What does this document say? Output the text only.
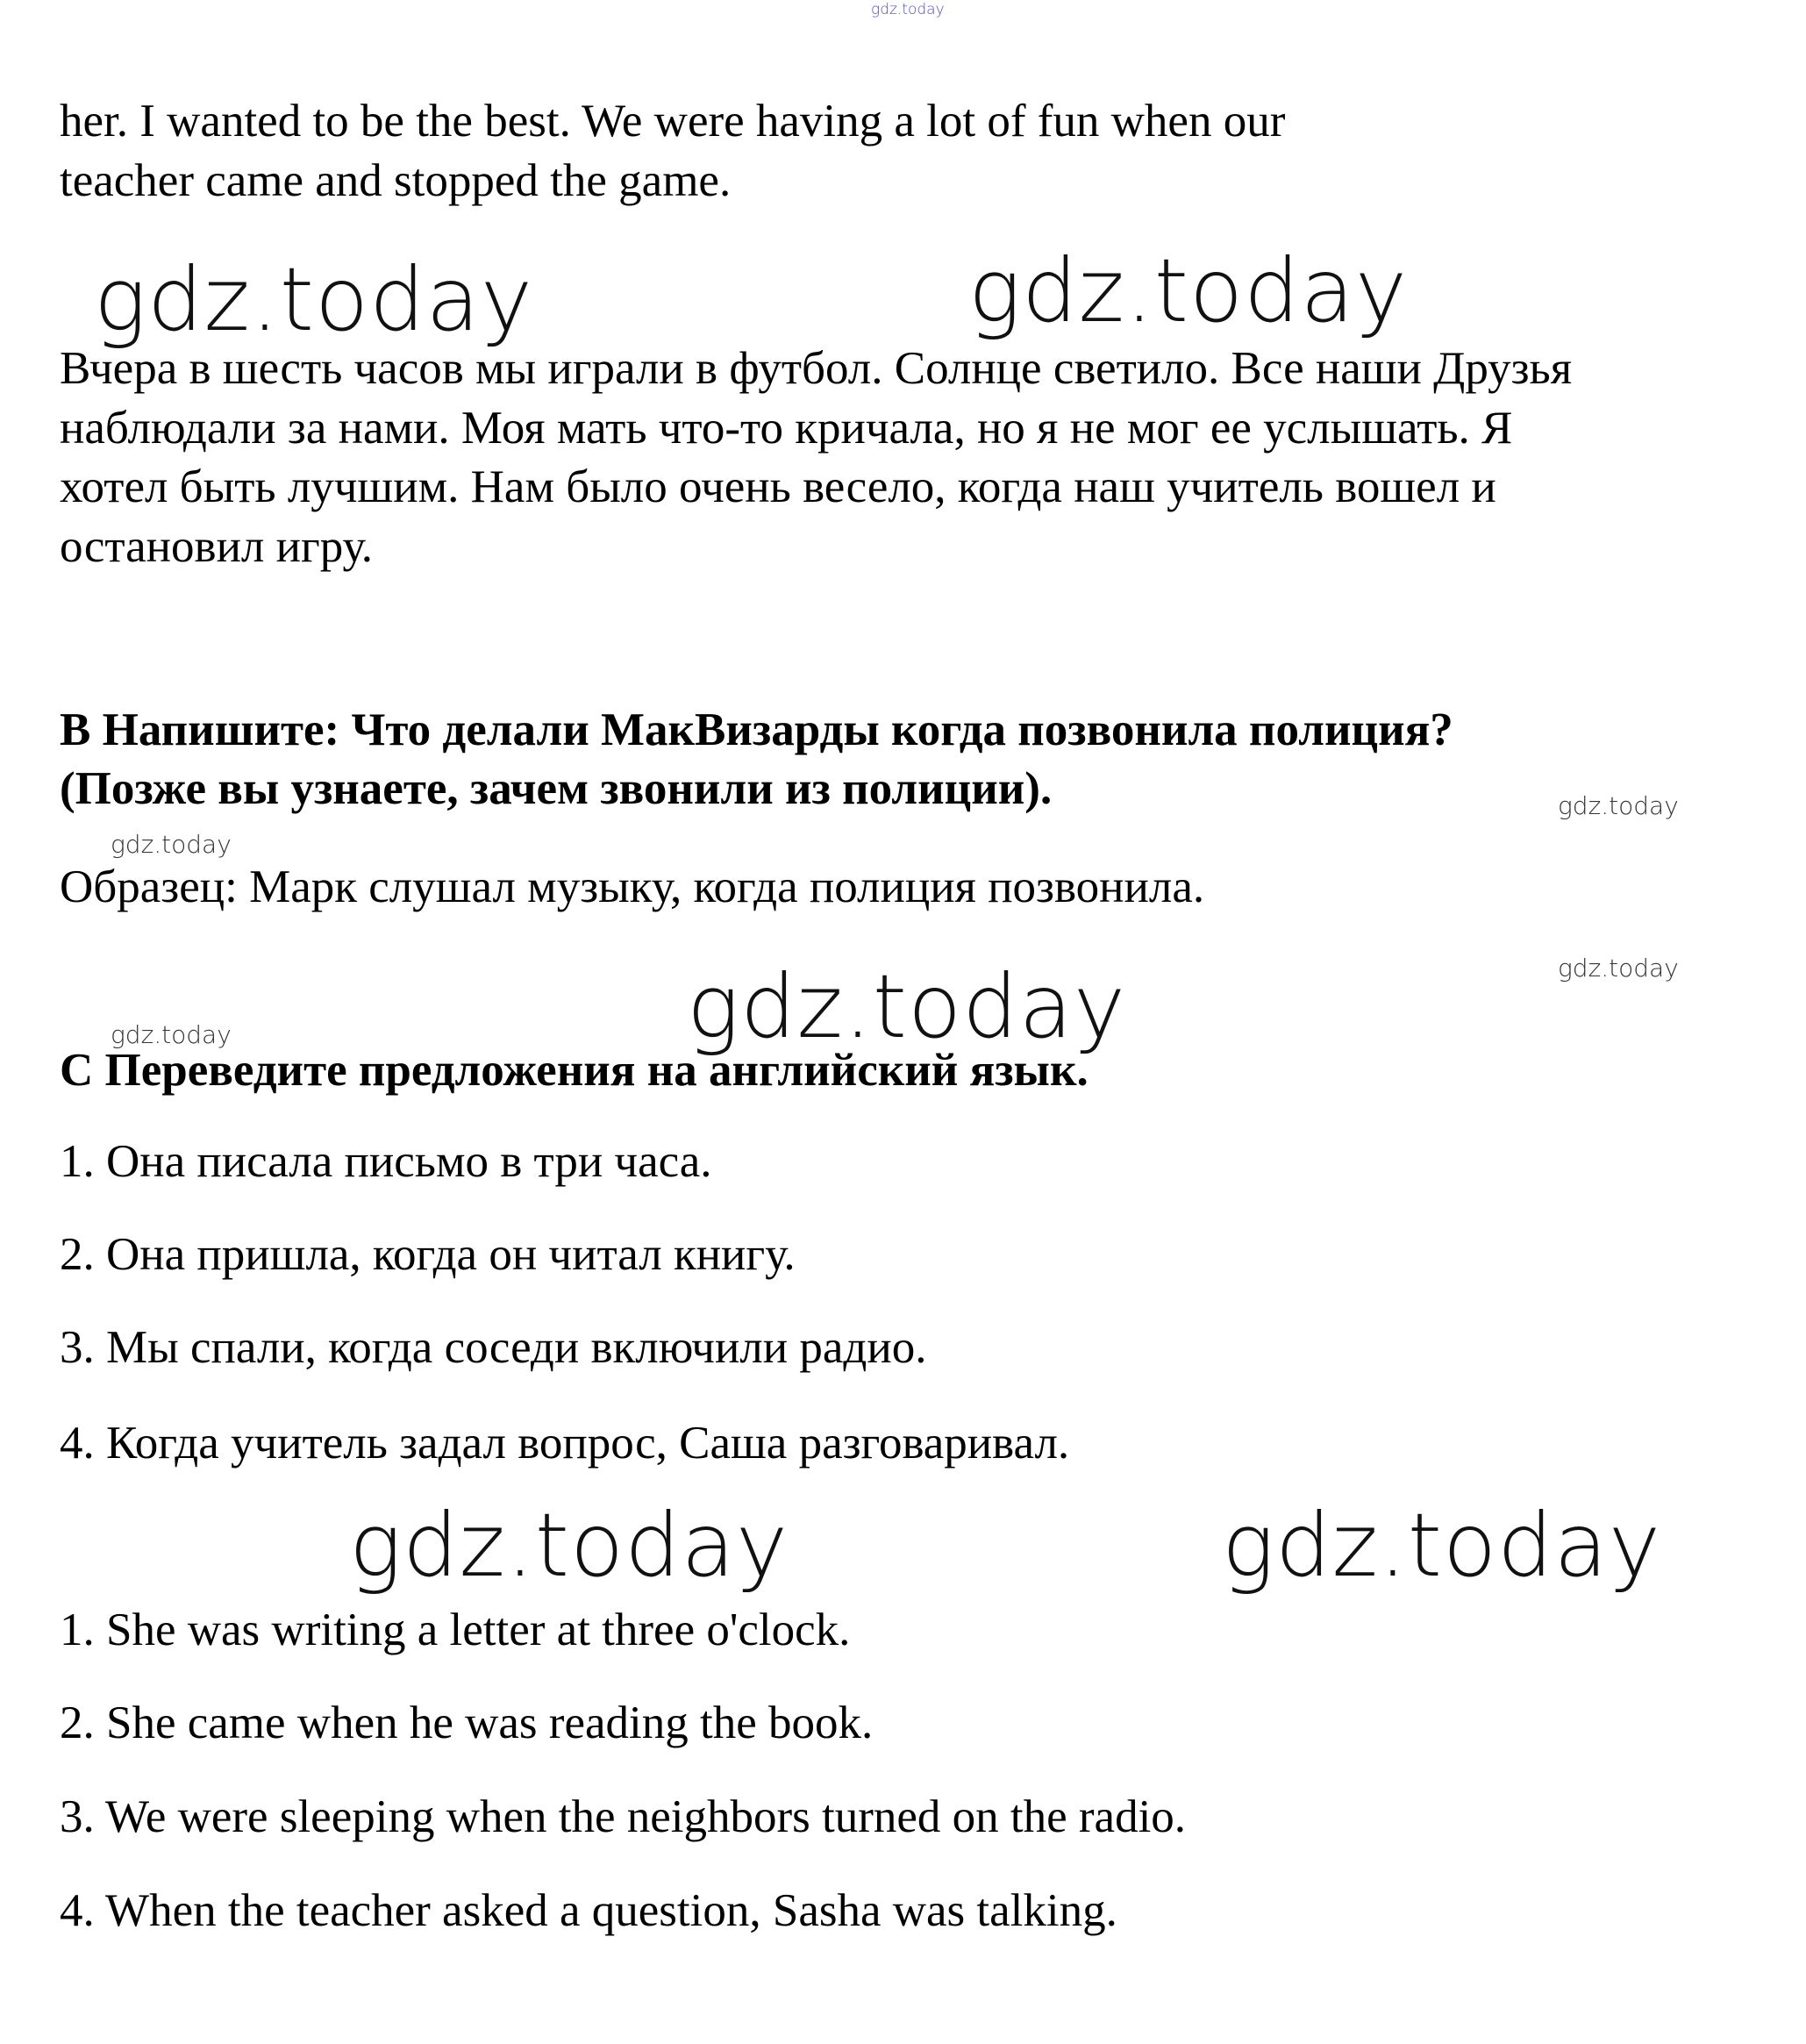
gdz.today
her. I wanted to be the best. We were having a lot of fun when our
teacher came and stopped the game.
gdz.today	gdz.today
Вчера в шесть часов мы играли в футбол. Солнце светило. Все наши Друзья
наблюдали за нами. Моя мать что-то кричала, но я не мог ее услышать. Я
хотел быть лучшим. Нам было очень весело, когда наш учитель вошел и
остановил игру.
В Напишите: Что делали МакВизарды когда позвонила полиция?
(Позже вы узнаете, зачем звонили из полиции).	gdz.today
gdz.today
Образец: Марк слушал музыку, когда полиция позвонила.
gdz.today
gdz.today
gdz.today
С Переведите предложения на английский язык.
1. Она писала письмо в три часа.
2. Она пришла, когда он читал книгу.
3. Мы спали, когда соседи включили радио.
4. Когда учитель задал вопрос, Саша разговаривал.
gdz.today	gdz.today
1. She was writing a letter at three o'clock.
2. She came when he was reading the book.
3. We were sleeping when the neighbors turned on the radio.
4. When the teacher asked a question, Sasha was talking.
